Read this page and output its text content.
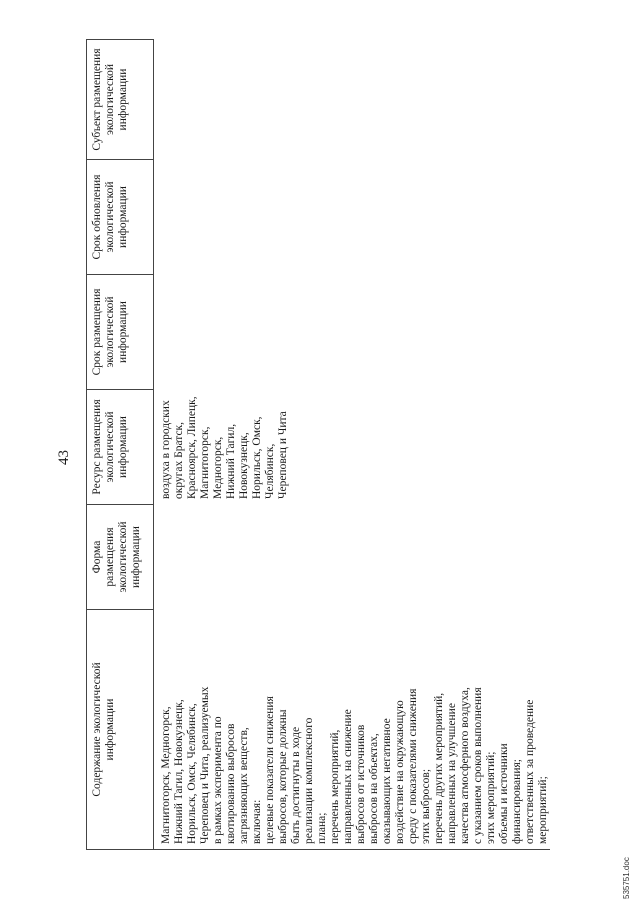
43
Содержание экологической
информации
Форма размещения
экологической
информации
Ресурс размещения
экологической
информации
Срок размещения
экологической
информации
Срок обновления
экологической
информации
Субъект размещения
экологической
информации
Магнитогорск, Медногорск,
Нижний Тагил, Новокузнецк,
Норильск, Омск, Челябинск,
Череповец и Чита, реализуемых
в рамках эксперимента по
квотированию выбросов
загрязняющих веществ,
включая:
целевые показатели снижения
выбросов, которые должны
быть достигнуты в ходе
реализации комплексного
плана;
перечень мероприятий,
направленных на снижение
выбросов от источников
выбросов на объектах,
оказывающих негативное
воздействие на окружающую
среду с показателями снижения
этих выбросов;
перечень других мероприятий,
направленных на улучшение
качества атмосферного воздуха,
с указанием сроков выполнения
этих мероприятий;
объемы и источники
финансирования;
ответственных за проведение
мероприятий;
воздуха в городских
округах Братск,
Красноярск, Липецк,
Магнитогорск,
Медногорск,
Нижний Тагил,
Новокузнецк,
Норильск, Омск,
Челябинск,
Череповец и Чита
535751.doc
